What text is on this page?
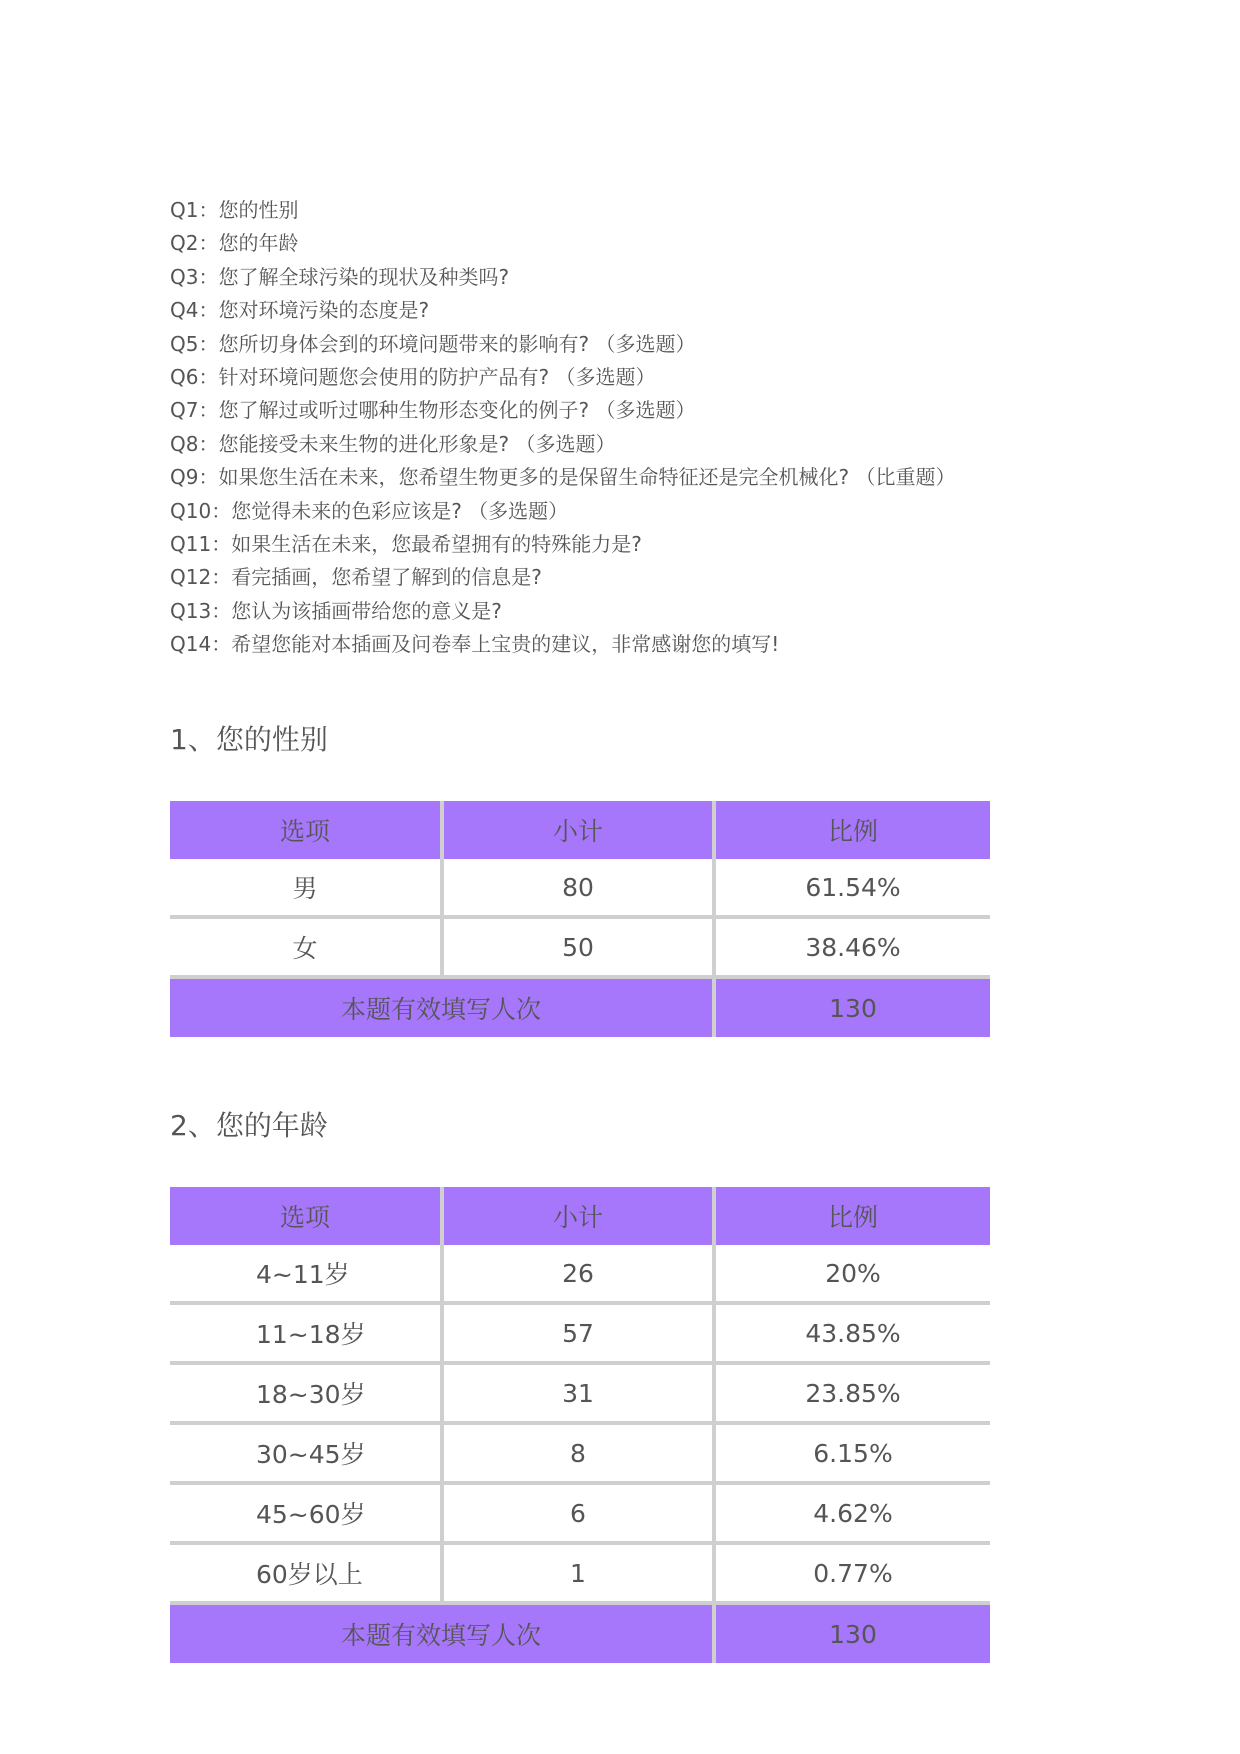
Q1：您的性别
Q2：您的年龄
Q3：您了解全球污染的现状及种类吗?
Q4：您对环境污染的态度是?
Q5：您所切身体会到的环境问题带来的影响有? （多选题）
Q6：针对环境问题您会使用的防护产品有? （多选题）
Q7：您了解过或听过哪种生物形态变化的例子? （多选题）
Q8：您能接受未来生物的进化形象是? （多选题）
Q9：如果您生活在未来，您希望生物更多的是保留生命特征还是完全机械化? （比重题）
Q10：您觉得未来的色彩应该是? （多选题）
Q11：如果生活在未来，您最希望拥有的特殊能力是?
Q12：看完插画，您希望了解到的信息是?
Q13：您认为该插画带给您的意义是?
Q14：希望您能对本插画及问卷奉上宝贵的建议，非常感谢您的填写!
1、您的性别
选项	小计	比例
男	80	61.54%
女	50	38.46%
本题有效填写人次		130
2、您的年龄
选项	小计	比例
4~11岁	26	20%
11~18岁	57	43.85%
18~30岁	31	23.85%
30~45岁	8	6.15%
45~60岁	6	4.62%
60岁以上	1	0.77%
本题有效填写人次		130
